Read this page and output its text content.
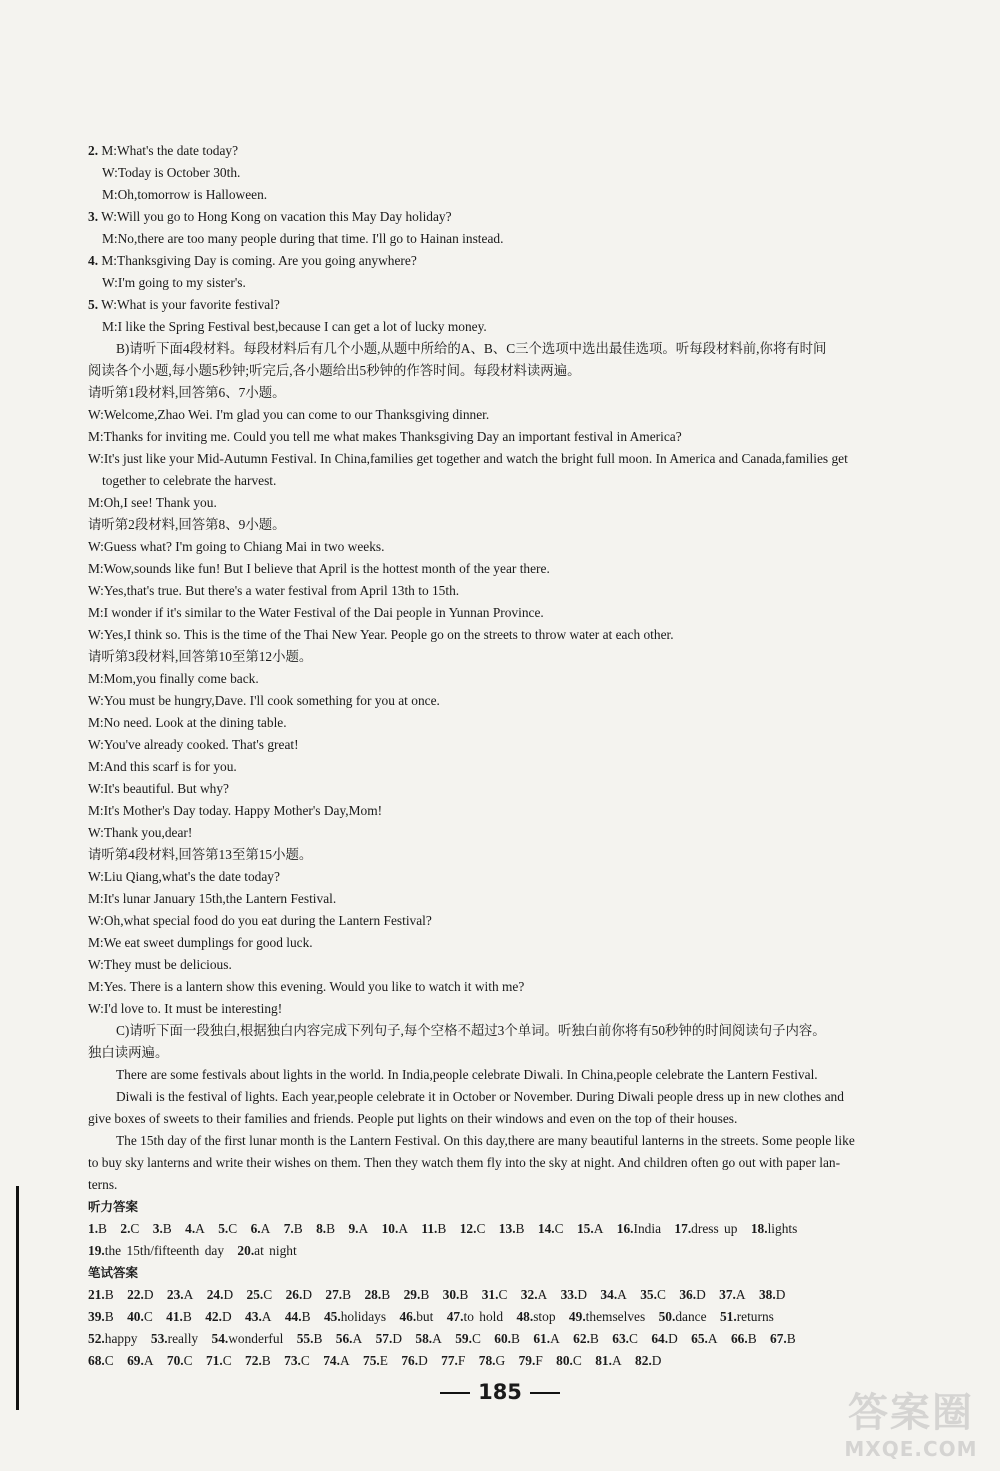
2. M:What's the date today?
W:Today is October 30th.
M:Oh,tomorrow is Halloween.
3. W:Will you go to Hong Kong on vacation this May Day holiday?
M:No,there are too many people during that time. I'll go to Hainan instead.
4. M:Thanksgiving Day is coming. Are you going anywhere?
W:I'm going to my sister's.
5. W:What is your favorite festival?
M:I like the Spring Festival best,because I can get a lot of lucky money.
B)请听下面4段材料。每段材料后有几个小题,从题中所给的A、B、C三个选项中选出最佳选项。听每段材料前,你将有时间
阅读各个小题,每小题5秒钟;听完后,各小题给出5秒钟的作答时间。每段材料读两遍。
请听第1段材料,回答第6、7小题。
W:Welcome,Zhao Wei. I'm glad you can come to our Thanksgiving dinner.
M:Thanks for inviting me. Could you tell me what makes Thanksgiving Day an important festival in America?
W:It's just like your Mid-Autumn Festival. In China,families get together and watch the bright full moon. In America and Canada,families get
together to celebrate the harvest.
M:Oh,I see! Thank you.
请听第2段材料,回答第8、9小题。
W:Guess what? I'm going to Chiang Mai in two weeks.
M:Wow,sounds like fun! But I believe that April is the hottest month of the year there.
W:Yes,that's true. But there's a water festival from April 13th to 15th.
M:I wonder if it's similar to the Water Festival of the Dai people in Yunnan Province.
W:Yes,I think so. This is the time of the Thai New Year. People go on the streets to throw water at each other.
请听第3段材料,回答第10至第12小题。
M:Mom,you finally come back.
W:You must be hungry,Dave. I'll cook something for you at once.
M:No need. Look at the dining table.
W:You've already cooked. That's great!
M:And this scarf is for you.
W:It's beautiful. But why?
M:It's Mother's Day today. Happy Mother's Day,Mom!
W:Thank you,dear!
请听第4段材料,回答第13至第15小题。
W:Liu Qiang,what's the date today?
M:It's lunar January 15th,the Lantern Festival.
W:Oh,what special food do you eat during the Lantern Festival?
M:We eat sweet dumplings for good luck.
W:They must be delicious.
M:Yes. There is a lantern show this evening. Would you like to watch it with me?
W:I'd love to. It must be interesting!
C)请听下面一段独白,根据独白内容完成下列句子,每个空格不超过3个单词。听独白前你将有50秒钟的时间阅读句子内容。
独白读两遍。
There are some festivals about lights in the world. In India,people celebrate Diwali. In China,people celebrate the Lantern Festival.
Diwali is the festival of lights. Each year,people celebrate it in October or November. During Diwali people dress up in new clothes and
give boxes of sweets to their families and friends. People put lights on their windows and even on the top of their houses.
The 15th day of the first lunar month is the Lantern Festival. On this day,there are many beautiful lanterns in the streets. Some people like
to buy sky lanterns and write their wishes on them. Then they watch them fly into the sky at night. And children often go out with paper lan-
terns.
听力答案
1.B  2.C  3.B  4.A  5.C  6.A  7.B  8.B  9.A  10.A  11.B  12.C  13.B  14.C  15.A  16.India  17.dress up  18.lights
19.the 15th/fifteenth day  20.at night
笔试答案
21.B  22.D  23.A  24.D  25.C  26.D  27.B  28.B  29.B  30.B  31.C  32.A  33.D  34.A  35.C  36.D  37.A  38.D
39.B  40.C  41.B  42.D  43.A  44.B  45.holidays  46.but  47.to hold  48.stop  49.themselves  50.dance  51.returns
52.happy  53.really  54.wonderful  55.B  56.A  57.D  58.A  59.C  60.B  61.A  62.B  63.C  64.D  65.A  66.B  67.B
68.C  69.A  70.C  71.C  72.B  73.C  74.A  75.E  76.D  77.F  78.G  79.F  80.C  81.A  82.D
185	答案圈
MXQE.COM
